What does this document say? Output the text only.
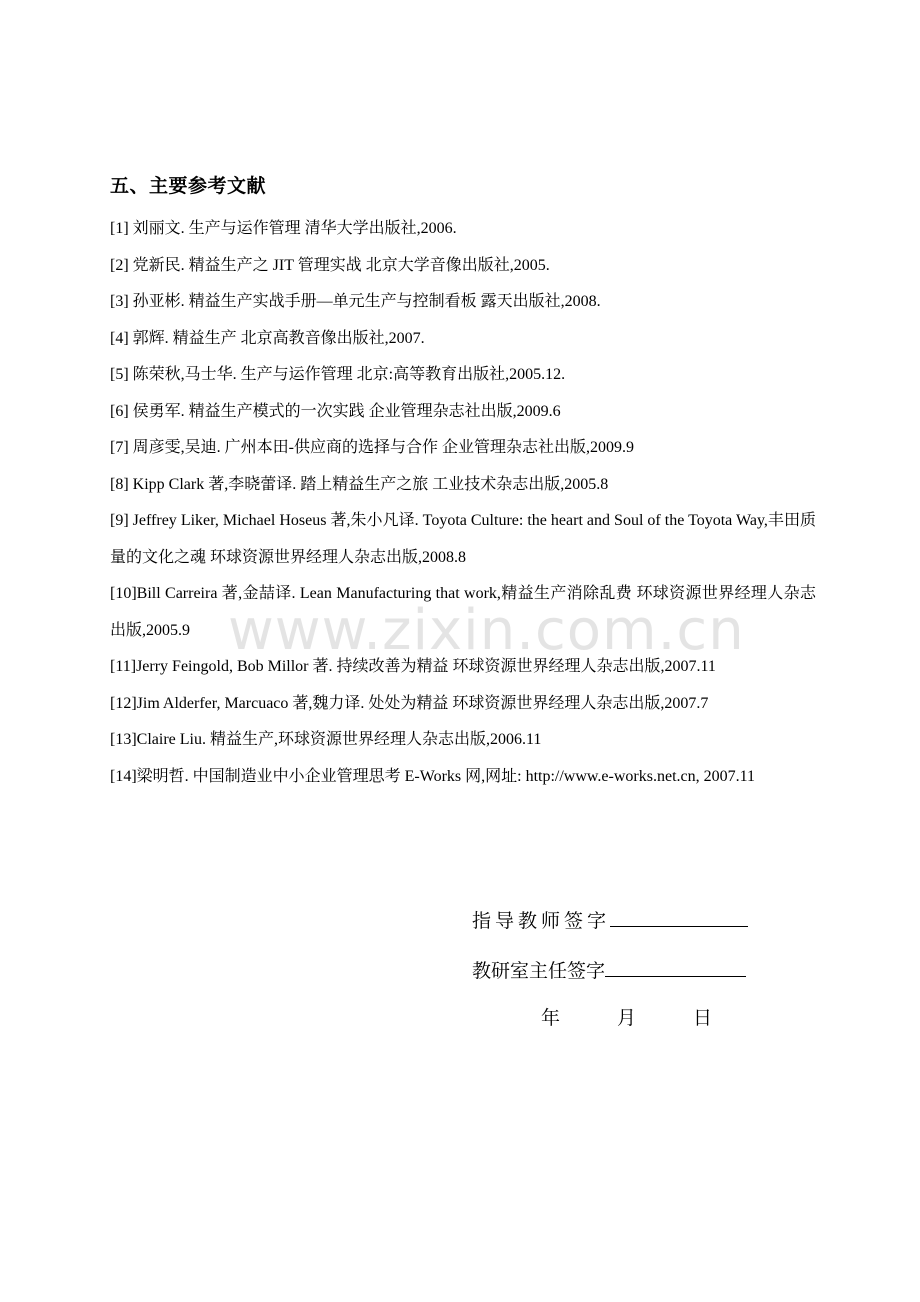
五、主要参考文献

[1] 刘丽文. 生产与运作管理 清华大学出版社,2006.

[2] 党新民. 精益生产之 JIT 管理实战 北京大学音像出版社,2005.

[3] 孙亚彬. 精益生产实战手册—单元生产与控制看板 露天出版社,2008.

[4] 郭辉. 精益生产 北京高教音像出版社,2007.

[5] 陈荣秋,马士华. 生产与运作管理 北京:高等教育出版社,2005.12.

[6] 侯勇军. 精益生产模式的一次实践 企业管理杂志社出版,2009.6

[7] 周彦雯,吴迪. 广州本田-供应商的选择与合作 企业管理杂志社出版,2009.9

[8] Kipp Clark 著,李晓蕾译. 踏上精益生产之旅 工业技术杂志出版,2005.8

[9] Jeffrey Liker, Michael Hoseus 著,朱小凡译. Toyota Culture: the heart and Soul of the Toyota Way,丰田质量的文化之魂 环球资源世界经理人杂志出版,2008.8

[10]Bill Carreira 著,金喆译. Lean Manufacturing that work,精益生产消除乱费 环球资源世界经理人杂志出版,2005.9

[11]Jerry Feingold, Bob Millor 著. 持续改善为精益 环球资源世界经理人杂志出版,2007.11

[12]Jim Alderfer, Marcuaco 著,魏力译. 处处为精益 环球资源世界经理人杂志出版,2007.7

[13]Claire Liu. 精益生产,环球资源世界经理人杂志出版,2006.11

[14]梁明哲. 中国制造业中小企业管理思考 E-Works 网,网址: http://www.e-works.net.cn, 2007.11

www.zixin.com.cn
指导教师签字
教研室主任签字
年	月	日
